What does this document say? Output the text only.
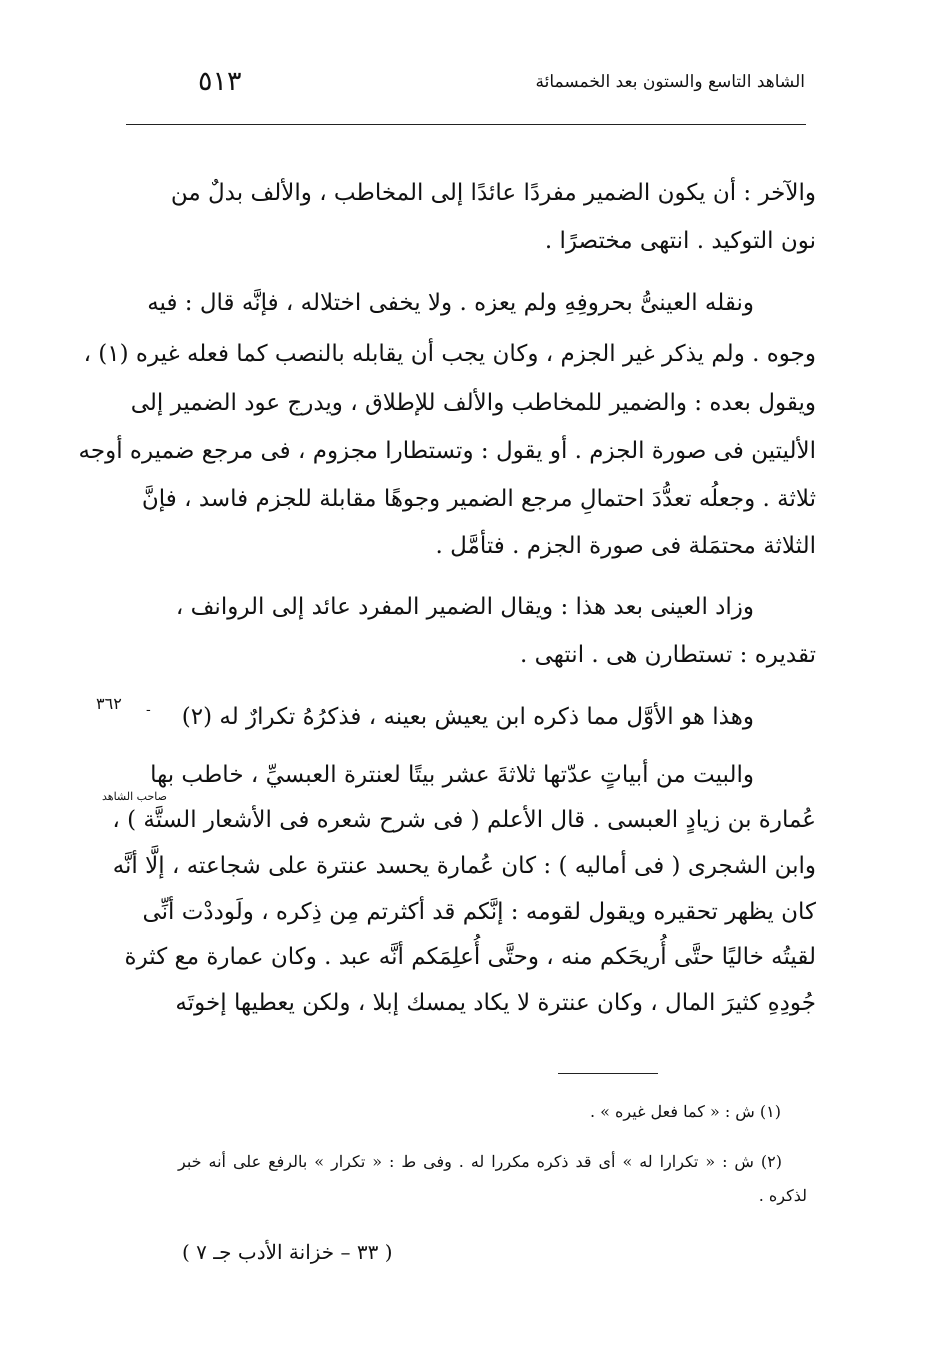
٥١٣	الشاهد التاسع والستون بعد الخمسمائة
والآخر : أن يكون الضمير مفردًا عائدًا إلى المخاطب ، والألف بدلٌ من
نون التوكيد . انتهى مختصرًا .
ونقله العينىُّ بحروفِهِ ولم يعزه . ولا يخفى اختلاله ، فإنَّه قال : فيه
وجوه . ولم يذكر غير الجزم ، وكان يجب أن يقابله بالنصب كما فعله غيره (١) ،
ويقول بعده : والضمير للمخاطب والألف للإطلاق ، ويدرج عود الضمير إلى
الأليتين فى صورة الجزم . أو يقول : وتستطارا مجزوم ، فى مرجع ضميره أوجه
ثلاثة . وجعلُه تعدُّدَ احتمالِ مرجع الضمير وجوهًا مقابلة للجزم فاسد ، فإنَّ
الثلاثة محتمَلة فى صورة الجزم . فتأمَّل .
وزاد العينى بعد هذا : ويقال الضمير المفرد عائد إلى الروانف ،
تقديره : تستطارن هى . انتهى .
وهذا هو الأوَّل مما ذكره ابن يعيش بعينه ، فذكرُهُ تكرارٌ له (٢)
والبيت من أبياتٍ عدّتها ثلاثةَ عشر بيتًا لعنترة العبسيِّ ، خاطب بها
عُمارة بن زيادٍ العبسى . قال الأعلم ( فى شرح شعره فى الأشعار الستَّة ) ،
وابن الشجرى ( فى أماليه ) : كان عُمارة يحسد عنترة على شجاعته ، إلَّا أنَّه
كان يظهر تحقيره ويقول لقومه : إنَّكم قد أكثرتم مِن ذِكره ، ولَوددْت أنِّى
لقيتُه خاليًا حتَّى أُريحَكم منه ، وحتَّى أُعلِمَكم أنَّه عبد . وكان عمارة مع كثرة
جُودِهِ كثيرَ المال ، وكان عنترة لا يكاد يمسك إبلا ، ولكن يعطيها إخوتَه
٣٦٢ -
صاحب الشاهد
(١) ش : « كما فعل غيره » .
(٢) ش : « تكرارا له » أى قد ذكره مكررا له . وفى ط : « تكرار » بالرفع على أنه خبر
لذكره .
( ٣٣ – خزانة الأدب جـ ٧ )
